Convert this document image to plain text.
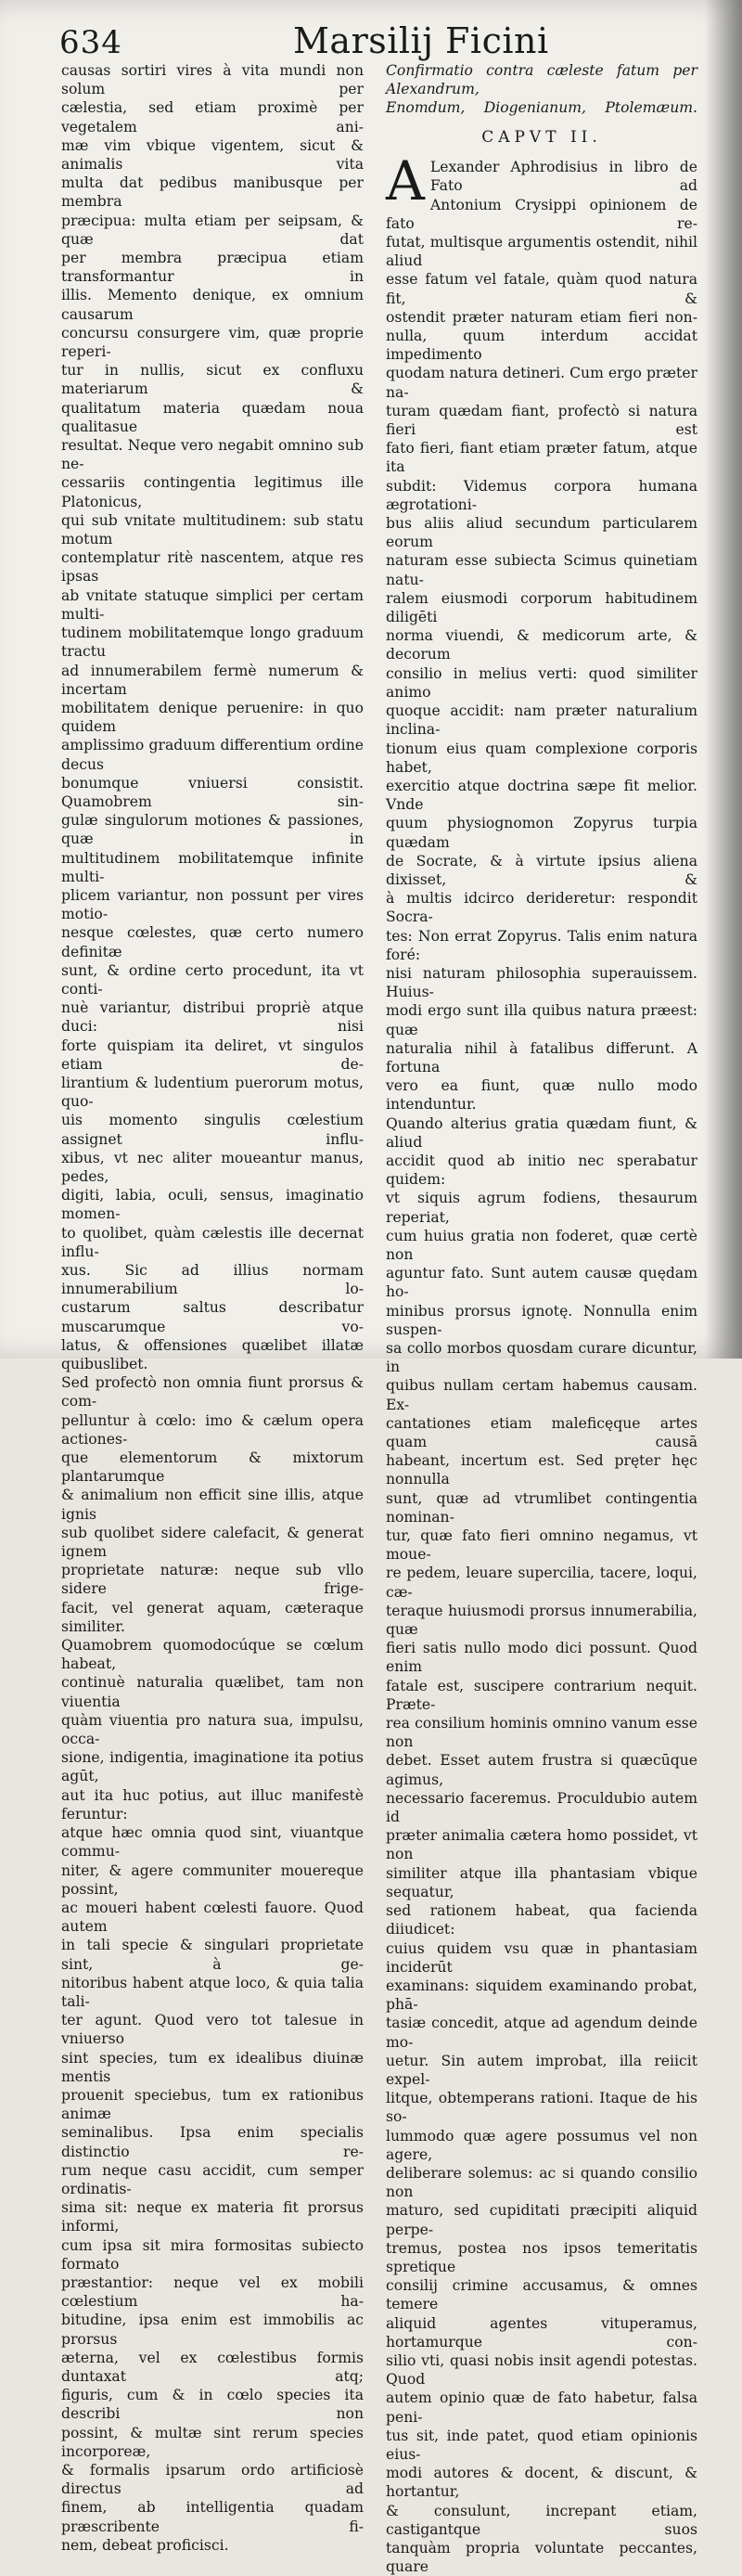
634	Marsilij Ficini

causas sortiri vires à vita mundi non solum per

cælestia, sed etiam proximè per vegetalem ani-

mæ vim vbique vigentem, sicut & animalis vita

multa dat pedibus manibusque per membra

præcipua: multa etiam per seipsam, & quæ dat

per membra præcipua etiam transformantur in

illis. Memento denique, ex omnium causarum

concursu consurgere vim, quæ proprie reperi-

tur in nullis, sicut ex confluxu materiarum &

qualitatum materia quædam noua qualitasue

resultat. Neque vero negabit omnino sub ne-

cessariis contingentia legitimus ille Platonicus,

qui sub vnitate multitudinem: sub statu motum

contemplatur ritè nascentem, atque res ipsas

ab vnitate statuque simplici per certam multi-

tudinem mobilitatemque longo graduum tractu

ad innumerabilem fermè numerum & incertam

mobilitatem denique peruenire: in quo quidem

amplissimo graduum differentium ordine decus

bonumque vniuersi consistit. Quamobrem sin-

gulæ singulorum motiones & passiones, quæ in

multitudinem mobilitatemque infinite multi-

plicem variantur, non possunt per vires motio-

nesque cœlestes, quæ certo numero definitæ

sunt, & ordine certo procedunt, ita vt conti-

nuè variantur, distribui propriè atque duci: nisi

forte quispiam ita deliret, vt singulos etiam de-

lirantium & ludentium puerorum motus, quo-

uis momento singulis cœlestium assignet influ-

xibus, vt nec aliter moueantur manus, pedes,

digiti, labia, oculi, sensus, imaginatio momen-

to quolibet, quàm cælestis ille decernat influ-

xus. Sic ad illius normam innumerabilium lo-

custarum saltus describatur muscarumque vo-

latus, & offensiones quælibet illatæ quibuslibet.

Sed profectò non omnia fiunt prorsus & com-

pelluntur à cœlo: imo & cælum opera actiones-

que elementorum & mixtorum plantarumque

& animalium non efficit sine illis, atque ignis

sub quolibet sidere calefacit, & generat ignem

proprietate naturæ: neque sub vllo sidere frige-

facit, vel generat aquam, cæteraque similiter.

Quamobrem quomodocúque se cœlum habeat,

continuè naturalia quælibet, tam non viuentia

quàm viuentia pro natura sua, impulsu, occa-

sione, indigentia, imaginatione ita potius agūt,

aut ita huc potius, aut illuc manifestè feruntur:

atque hæc omnia quod sint, viuantque commu-

niter, & agere communiter mouereque possint,

ac moueri habent cœlesti fauore. Quod autem

in tali specie & singulari proprietate sint, à ge-

nitoribus habent atque loco, & quia talia tali-

ter agunt. Quod vero tot talesue in vniuerso

sint species, tum ex idealibus diuinæ mentis

prouenit speciebus, tum ex rationibus animæ

seminalibus. Ipsa enim specialis distinctio re-

rum neque casu accidit, cum semper ordinatis-

sima sit: neque ex materia fit prorsus informi,

cum ipsa sit mira formositas subiecto formato

præstantior: neque vel ex mobili cœlestium ha-

bitudine, ipsa enim est immobilis ac prorsus

æterna, vel ex cœlestibus formis duntaxat atq;

figuris, cum & in cœlo species ita describi non

possint, & multæ sint rerum species incorporeæ,

& formalis ipsarum ordo artificiosè directus ad

finem, ab intelligentia quadam præscribente fi-

nem, debeat proficisci.

Confirmatio contra cæleste fatum per Alexandrum,

Enomdum, Diogenianum, Ptolemæum.

CAPVT II.
A Lexander Aphrodisius in libro de Fato ad

Antonium Crysippi opinionem de fato re-

futat, multisque argumentis ostendit, nihil aliud

esse fatum vel fatale, quàm quod natura fit, &

ostendit præter naturam etiam fieri non-

nulla, quum interdum accidat impedimento

quodam natura detineri. Cum ergo præter na-

turam quædam fiant, profectò si natura fieri est

fato fieri, fiant etiam præter fatum, atque ita

subdit: Videmus corpora humana ægrotationi-

bus aliis aliud secundum particularem eorum

naturam esse subiecta Scimus quinetiam natu-

ralem eiusmodi corporum habitudinem diligēti

norma viuendi, & medicorum arte, & decorum

consilio in melius verti: quod similiter animo

quoque accidit: nam præter naturalium inclina-

tionum eius quam complexione corporis habet,

exercitio atque doctrina sæpe fit melior. Vnde

quum physiognomon Zopyrus turpia quædam

de Socrate, & à virtute ipsius aliena dixisset, &

à multis idcirco derideretur: respondit Socra-

tes: Non errat Zopyrus. Talis enim natura foré:

nisi naturam philosophia superauissem. Huius-

modi ergo sunt illa quibus natura præest: quæ

naturalia nihil à fatalibus differunt. A fortuna

vero ea fiunt, quæ nullo modo intenduntur.

Quando alterius gratia quædam fiunt, & aliud

accidit quod ab initio nec sperabatur quidem:

vt siquis agrum fodiens, thesaurum reperiat,

cum huius gratia non foderet, quæ certè non

aguntur fato. Sunt autem causæ quędam ho-

minibus prorsus ignotę. Nonnulla enim suspen-

sa collo morbos quosdam curare dicuntur, in

quibus nullam certam habemus causam. Ex-

cantationes etiam maleficęque artes quam causā

habeant, incertum est. Sed pręter hęc nonnulla

sunt, quæ ad vtrumlibet contingentia nominan-

tur, quæ fato fieri omnino negamus, vt moue-

re pedem, leuare supercilia, tacere, loqui, cæ-

teraque huiusmodi prorsus innumerabilia, quæ

fieri satis nullo modo dici possunt. Quod enim

fatale est, suscipere contrarium nequit. Præte-

rea consilium hominis omnino vanum esse non

debet. Esset autem frustra si quæcūque agimus,

necessario faceremus. Proculdubio autem id

præter animalia cætera homo possidet, vt non

similiter atque illa phantasiam vbique sequatur,

sed rationem habeat, qua facienda diiudicet:

cuius quidem vsu quæ in phantasiam inciderūt

examinans: siquidem examinando probat, phā-

tasiæ concedit, atque ad agendum deinde mo-

uetur. Sin autem improbat, illa reiicit expel-

litque, obtemperans rationi. Itaque de his so-

lummodo quæ agere possumus vel non agere,

deliberare solemus: ac si quando consilio non

maturo, sed cupiditati præcipiti aliquid perpe-

tremus, postea nos ipsos temeritatis spretique

consilij crimine accusamus, & omnes temere

aliquid agentes vituperamus, hortamurque con-

silio vti, quasi nobis insit agendi potestas. Quod

autem opinio quæ de fato habetur, falsa peni-

tus sit, inde patet, quod etiam opinionis eius-

modi autores & docent, & discunt, & hortantur,

& consulunt, increpant etiam, castigantque suos

tanquàm propria voluntate peccantes, quare
